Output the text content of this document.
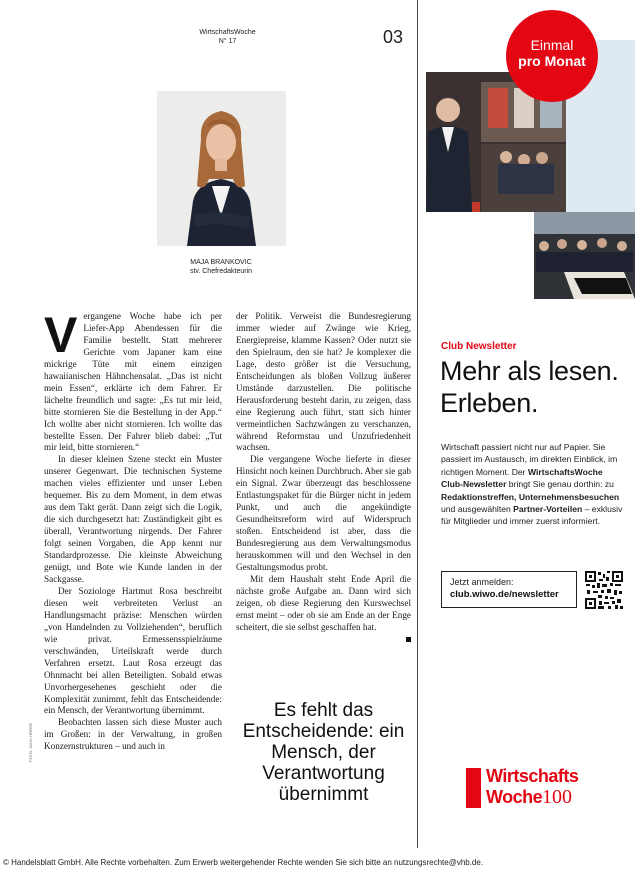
WirtschaftsWoche
N° 17	03
MAJA BRANKOVIC
stv. Chefredakteurin
V ergangene Woche habe ich per Liefer-App Abendessen für die Familie bestellt. Statt mehrerer Gerichte vom Japaner kam eine mickrige Tüte mit einem einzigen hawaiianischen Hähnchensalat. „Das ist nicht mein Essen“, erklärte ich dem Fahrer. Er lächelte freundlich und sagte: „Es tut mir leid, bitte stornieren Sie die Bestellung in der App.“ Ich wollte aber nicht stornieren. Ich wollte das bestellte Essen. Der Fahrer blieb dabei: „Tut mir leid, bitte stornieren.“

In dieser kleinen Szene steckt ein Muster unserer Gegenwart. Die technischen Systeme machen vieles effizienter und unser Leben bequemer. Bis zu dem Moment, in dem etwas aus dem Takt gerät. Dann zeigt sich die Logik, die sich durchgesetzt hat: Zuständigkeit gibt es überall, Verantwortung nirgends. Der Fahrer folgt seinen Vorgaben, die App kennt nur Standardprozesse. Die kleinste Abweichung genügt, und Bote wie Kunde landen in der Sackgasse.

Der Soziologe Hartmut Rosa beschreibt diesen weit verbreiteten Verlust an Handlungsmacht präzise: Menschen würden „von Handelnden zu Vollziehenden“, beruflich wie privat. Ermessensspielräume verschwänden, Urteilskraft werde durch Verfahren ersetzt. Laut Rosa erzeugt das Ohnmacht bei allen Beteiligten. Sobald etwas Unvorhergesehenes geschieht oder die Komplexität zunimmt, fehlt das Entscheidende: ein Mensch, der Verantwortung übernimmt.

Beobachten lassen sich diese Muster auch im Großen: in der Verwaltung, in großen Konzernstrukturen – und auch in

der Politik. Verweist die Bundesregierung immer wieder auf Zwänge wie Krieg, Energiepreise, klamme Kassen? Oder nutzt sie den Spielraum, den sie hat? Je komplexer die Lage, desto größer ist die Versuchung, Entscheidungen als bloßen Vollzug äußerer Umstände darzustellen. Die politische Herausforderung besteht darin, zu zeigen, dass eine Regierung auch führt, statt sich hinter vermeintlichen Sachzwängen zu verschanzen, während Reformstau und Unzufriedenheit wachsen.

Die vergangene Woche lieferte in dieser Hinsicht noch keinen Durchbruch. Aber sie gab ein Signal. Zwar überzeugt das beschlossene Entlastungspaket für die Bürger nicht in jedem Punkt, und auch die angekündigte Gesundheitsreform wird auf Widerspruch stoßen. Entscheidend ist aber, dass die Bundesregierung aus dem Verwaltungsmodus herauskommen will und den Wechsel in den Gestaltungsmodus probt.

Mit dem Haushalt steht Ende April die nächste große Aufgabe an. Dann wird sich zeigen, ob diese Regierung den Kurswechsel ernst meint – oder ob sie am Ende an der Enge scheitert, die sie selbst geschaffen hat.

Es fehlt das Entscheidende: ein Mensch, der Verantwortung übernimmt
FOTO: JANN HÖFER
Einmal
pro Monat
Club Newsletter
Mehr als lesen. Erleben.
Wirtschaft passiert nicht nur auf Papier. Sie passiert im Austausch, im direkten Einblick, im richtigen Moment. Der WirtschaftsWoche Club-Newsletter bringt Sie genau dorthin: zu Redaktionstreffen, Unternehmensbesuchen und ausgewählten Partner-Vorteilen – exklusiv für Mitglieder und immer zuerst informiert.
Jetzt anmelden:
club.wiwo.de/newsletter
Wirtschafts
Woche 100
© Handelsblatt GmbH. Alle Rechte vorbehalten. Zum Erwerb weitergehender Rechte wenden Sie sich bitte an nutzungsrechte@vhb.de.
